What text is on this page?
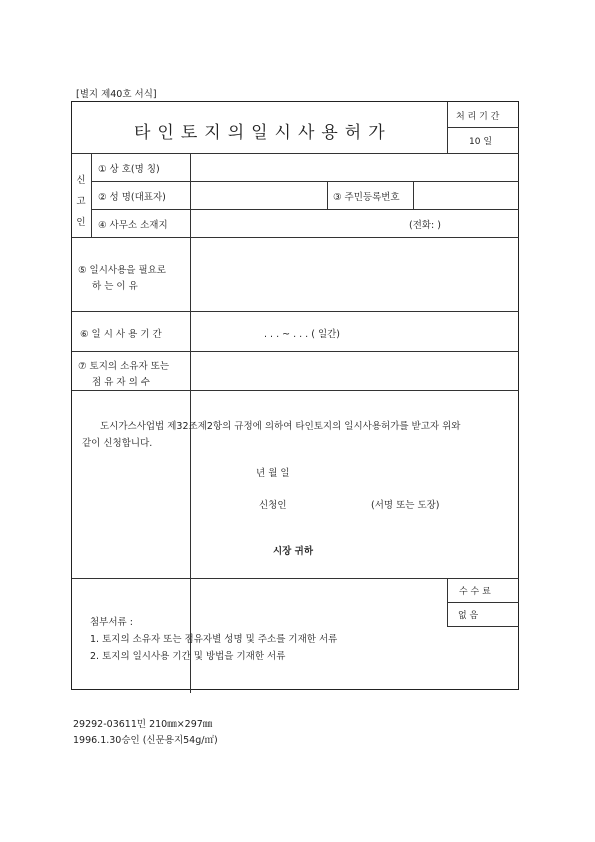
[별지 제40호 서식]
타인토지의일시사용허가
처 리 기 간
10 일
신
고
인
① 상 호(명 칭)
② 성 명(대표자)	③ 주민등록번호
④ 사무소 소재지	(전화: )
⑤ 일시사용을 필요로
하 는 이 유
⑥ 일 시 사 용 기 간	. . . ~ . . . ( 일간)
⑦ 토지의 소유자 또는
점 유 자 의 수
도시가스사업법 제32조제2항의 규정에 의하여 타인토지의 일시사용허가를 받고자 위와
같이 신청합니다.
년 월 일
신청인	(서명 또는 도장)
시장 귀하
수 수 료
없 음
첨부서류 :
1. 토지의 소유자 또는 점유자별 성명 및 주소를 기재한 서류
2. 토지의 일시사용 기간 및 방법을 기재한 서류
29292-03611민 210㎜×297㎜
1996.1.30승인 (신문용지54g/㎡)
